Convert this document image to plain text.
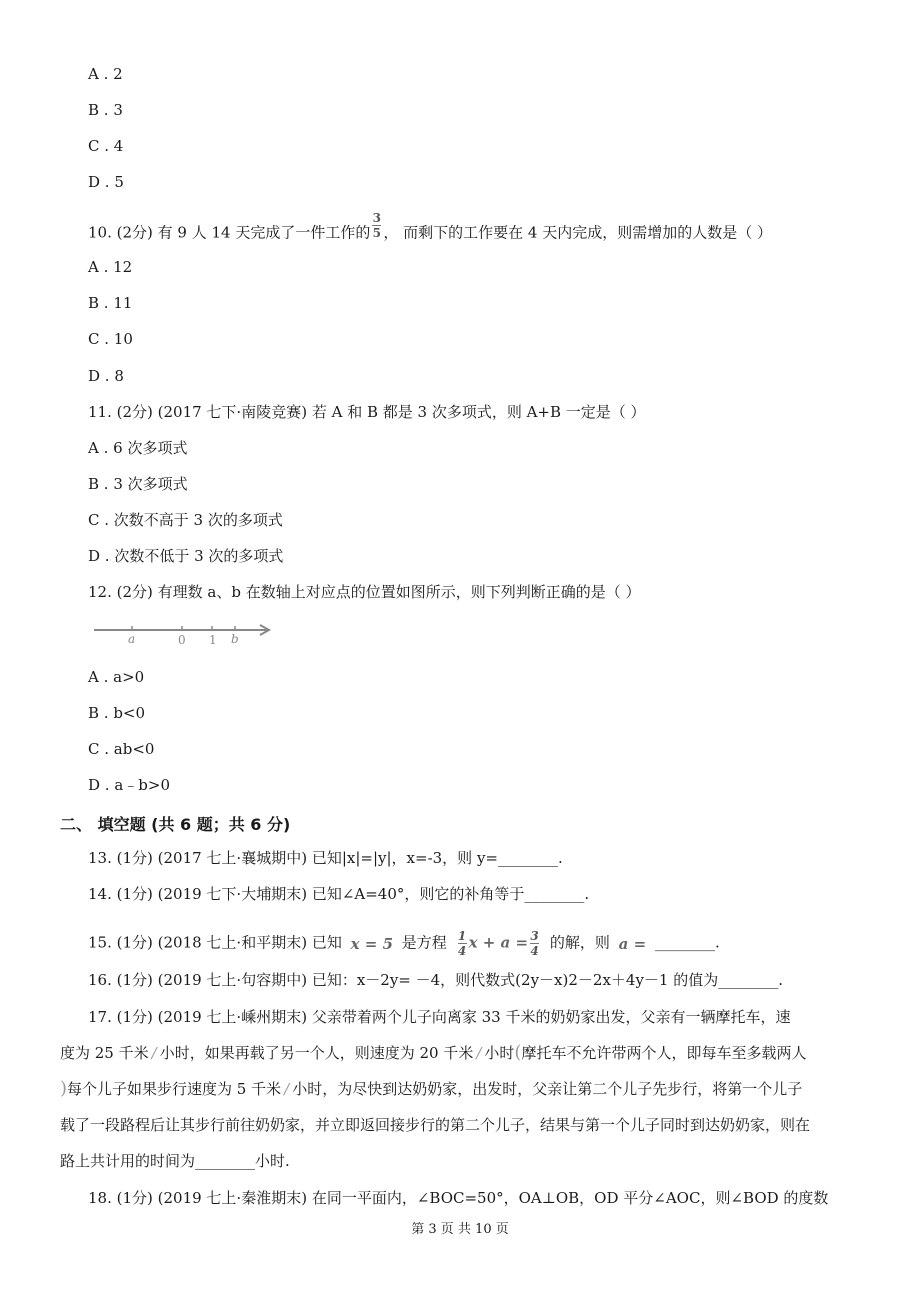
A . 2
B . 3
C . 4
D . 5
10. (2分) 有 9 人 14 天完成了一件工作的 $\frac{3}{5}$ ， 而剩下的工作要在 4 天内完成，则需增加的人数是（ ）
A . 12
B . 11
C . 10
D . 8
11. (2分) (2017 七下·南陵竞赛) 若 A 和 B 都是 3 次多项式，则 A+B 一定是（ ）
A . 6 次多项式
B . 3 次多项式
C . 次数不高于 3 次的多项式
D . 次数不低于 3 次的多项式
12. (2分) 有理数 a、b 在数轴上对应点的位置如图所示，则下列判断正确的是（ ）
a	0 1 b
A . a>0
B . b<0
C . ab<0
D . a﹣b>0
二、 填空题 (共 6 题；共 6 分)
13. (1分) (2017 七上·襄城期中) 已知|x|=|y|，x=-3，则 y=________.
14. (1分) (2019 七下·大埔期末) 已知∠A=40°，则它的补角等于________.
15. (1分) (2018 七上·和平期末) 已知 x = 5 是方程 $\frac{1}{4}$ $x + a = \frac{3}{4}$ 的解，则 a = ________.
16. (1分) (2019 七上·句容期中) 已知：x－2y= －4，则代数式(2y－x)2－2x＋4y－1 的值为________.
17. (1分) (2019 七上·嵊州期末) 父亲带着两个儿子向离家 33 千米的奶奶家出发，父亲有一辆摩托车，速
度为 25 千米 / 小时，如果再载了另一个人，则速度为 20 千米 / 小时(摩托车不允许带两个人，即每车至多载两人
)每个儿子如果步行速度为 5 千米 / 小时，为尽快到达奶奶家，出发时，父亲让第二个儿子先步行，将第一个儿子
载了一段路程后让其步行前往奶奶家，并立即返回接步行的第二个儿子，结果与第一个儿子同时到达奶奶家，则在
路上共计用的时间为________小时.
18. (1分) (2019 七上·秦淮期末) 在同一平面内，∠BOC=50°，OA⊥OB，OD 平分∠AOC，则∠BOD 的度数
第 3 页 共 10 页
